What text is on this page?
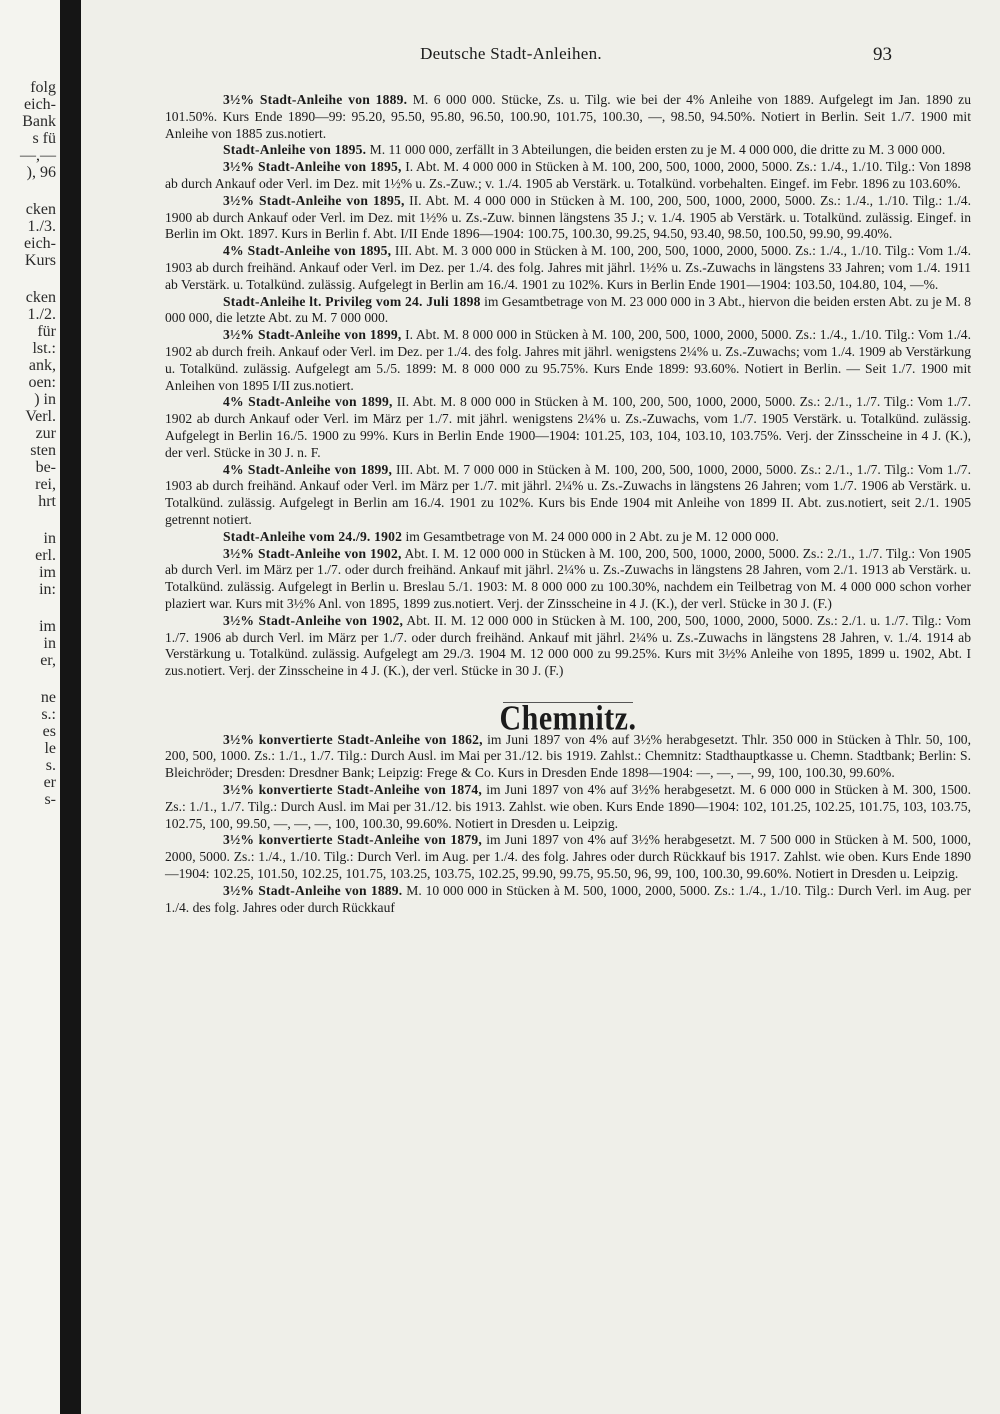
folg
eich-
Bank
s fü
—,—
), 96
cken
1./3.
eich-
Kurs
cken
1./2.
für
lst.:
ank,
oen:
) in
Verl.
zur
sten
be-
rei,
hrt
in
erl.
im
in:
im
in
er,
ne
s.:
es
le
s.
er
s-
Deutsche Stadt-Anleihen.	93

3½% Stadt-Anleihe von 1889. M. 6 000 000. Stücke, Zs. u. Tilg. wie bei der 4% Anleihe von 1889. Aufgelegt im Jan. 1890 zu 101.50%. Kurs Ende 1890—99: 95.20, 95.50, 95.80, 96.50, 100.90, 101.75, 100.30, —, 98.50, 94.50%. Notiert in Berlin. Seit 1./7. 1900 mit Anleihe von 1885 zus.notiert.

Stadt-Anleihe von 1895. M. 11 000 000, zerfällt in 3 Abteilungen, die beiden ersten zu je M. 4 000 000, die dritte zu M. 3 000 000.

3½% Stadt-Anleihe von 1895, I. Abt. M. 4 000 000 in Stücken à M. 100, 200, 500, 1000, 2000, 5000. Zs.: 1./4., 1./10. Tilg.: Von 1898 ab durch Ankauf oder Verl. im Dez. mit 1½% u. Zs.-Zuw.; v. 1./4. 1905 ab Verstärk. u. Totalkünd. vorbehalten. Eingef. im Febr. 1896 zu 103.60%.

3½% Stadt-Anleihe von 1895, II. Abt. M. 4 000 000 in Stücken à M. 100, 200, 500, 1000, 2000, 5000. Zs.: 1./4., 1./10. Tilg.: 1./4. 1900 ab durch Ankauf oder Verl. im Dez. mit 1½% u. Zs.-Zuw. binnen längstens 35 J.; v. 1./4. 1905 ab Verstärk. u. Totalkünd. zulässig. Eingef. in Berlin im Okt. 1897. Kurs in Berlin f. Abt. I/II Ende 1896—1904: 100.75, 100.30, 99.25, 94.50, 93.40, 98.50, 100.50, 99.90, 99.40%.

4% Stadt-Anleihe von 1895, III. Abt. M. 3 000 000 in Stücken à M. 100, 200, 500, 1000, 2000, 5000. Zs.: 1./4., 1./10. Tilg.: Vom 1./4. 1903 ab durch freihänd. Ankauf oder Verl. im Dez. per 1./4. des folg. Jahres mit jährl. 1½% u. Zs.-Zuwachs in längstens 33 Jahren; vom 1./4. 1911 ab Verstärk. u. Totalkünd. zulässig. Aufgelegt in Berlin am 16./4. 1901 zu 102%. Kurs in Berlin Ende 1901—1904: 103.50, 104.80, 104, —%.

Stadt-Anleihe lt. Privileg vom 24. Juli 1898 im Gesamtbetrage von M. 23 000 000 in 3 Abt., hiervon die beiden ersten Abt. zu je M. 8 000 000, die letzte Abt. zu M. 7 000 000.

3½% Stadt-Anleihe von 1899, I. Abt. M. 8 000 000 in Stücken à M. 100, 200, 500, 1000, 2000, 5000. Zs.: 1./4., 1./10. Tilg.: Vom 1./4. 1902 ab durch freih. Ankauf oder Verl. im Dez. per 1./4. des folg. Jahres mit jährl. wenigstens 2¼% u. Zs.-Zuwachs; vom 1./4. 1909 ab Verstärkung u. Totalkünd. zulässig. Aufgelegt am 5./5. 1899: M. 8 000 000 zu 95.75%. Kurs Ende 1899: 93.60%. Notiert in Berlin. — Seit 1./7. 1900 mit Anleihen von 1895 I/II zus.notiert.

4% Stadt-Anleihe von 1899, II. Abt. M. 8 000 000 in Stücken à M. 100, 200, 500, 1000, 2000, 5000. Zs.: 2./1., 1./7. Tilg.: Vom 1./7. 1902 ab durch Ankauf oder Verl. im März per 1./7. mit jährl. wenigstens 2¼% u. Zs.-Zuwachs, vom 1./7. 1905 Verstärk. u. Totalkünd. zulässig. Aufgelegt in Berlin 16./5. 1900 zu 99%. Kurs in Berlin Ende 1900—1904: 101.25, 103, 104, 103.10, 103.75%. Verj. der Zinsscheine in 4 J. (K.), der verl. Stücke in 30 J. n. F.

4% Stadt-Anleihe von 1899, III. Abt. M. 7 000 000 in Stücken à M. 100, 200, 500, 1000, 2000, 5000. Zs.: 2./1., 1./7. Tilg.: Vom 1./7. 1903 ab durch freihänd. Ankauf oder Verl. im März per 1./7. mit jährl. 2¼% u. Zs.-Zuwachs in längstens 26 Jahren; vom 1./7. 1906 ab Verstärk. u. Totalkünd. zulässig. Aufgelegt in Berlin am 16./4. 1901 zu 102%. Kurs bis Ende 1904 mit Anleihe von 1899 II. Abt. zus.notiert, seit 2./1. 1905 getrennt notiert.

Stadt-Anleihe vom 24./9. 1902 im Gesamtbetrage von M. 24 000 000 in 2 Abt. zu je M. 12 000 000.

3½% Stadt-Anleihe von 1902, Abt. I. M. 12 000 000 in Stücken à M. 100, 200, 500, 1000, 2000, 5000. Zs.: 2./1., 1./7. Tilg.: Von 1905 ab durch Verl. im März per 1./7. oder durch freihänd. Ankauf mit jährl. 2¼% u. Zs.-Zuwachs in längstens 28 Jahren, vom 2./1. 1913 ab Verstärk. u. Totalkünd. zulässig. Aufgelegt in Berlin u. Breslau 5./1. 1903: M. 8 000 000 zu 100.30%, nachdem ein Teilbetrag von M. 4 000 000 schon vorher plaziert war. Kurs mit 3½% Anl. von 1895, 1899 zus.notiert. Verj. der Zinsscheine in 4 J. (K.), der verl. Stücke in 30 J. (F.)

3½% Stadt-Anleihe von 1902, Abt. II. M. 12 000 000 in Stücken à M. 100, 200, 500, 1000, 2000, 5000. Zs.: 2./1. u. 1./7. Tilg.: Vom 1./7. 1906 ab durch Verl. im März per 1./7. oder durch freihänd. Ankauf mit jährl. 2¼% u. Zs.-Zuwachs in längstens 28 Jahren, v. 1./4. 1914 ab Verstärkung u. Totalkünd. zulässig. Aufgelegt am 29./3. 1904 M. 12 000 000 zu 99.25%. Kurs mit 3½% Anleihe von 1895, 1899 u. 1902, Abt. I zus.notiert. Verj. der Zinsscheine in 4 J. (K.), der verl. Stücke in 30 J. (F.)

Chemnitz.

3½% konvertierte Stadt-Anleihe von 1862, im Juni 1897 von 4% auf 3½% herabgesetzt. Thlr. 350 000 in Stücken à Thlr. 50, 100, 200, 500, 1000. Zs.: 1./1., 1./7. Tilg.: Durch Ausl. im Mai per 31./12. bis 1919. Zahlst.: Chemnitz: Stadthauptkasse u. Chemn. Stadtbank; Berlin: S. Bleichröder; Dresden: Dresdner Bank; Leipzig: Frege & Co. Kurs in Dresden Ende 1898—1904: —, —, —, 99, 100, 100.30, 99.60%.

3½% konvertierte Stadt-Anleihe von 1874, im Juni 1897 von 4% auf 3½% herabgesetzt. M. 6 000 000 in Stücken à M. 300, 1500. Zs.: 1./1., 1./7. Tilg.: Durch Ausl. im Mai per 31./12. bis 1913. Zahlst. wie oben. Kurs Ende 1890—1904: 102, 101.25, 102.25, 101.75, 103, 103.75, 102.75, 100, 99.50, —, —, —, 100, 100.30, 99.60%. Notiert in Dresden u. Leipzig.

3½% konvertierte Stadt-Anleihe von 1879, im Juni 1897 von 4% auf 3½% herabgesetzt. M. 7 500 000 in Stücken à M. 500, 1000, 2000, 5000. Zs.: 1./4., 1./10. Tilg.: Durch Verl. im Aug. per 1./4. des folg. Jahres oder durch Rückkauf bis 1917. Zahlst. wie oben. Kurs Ende 1890—1904: 102.25, 101.50, 102.25, 101.75, 103.25, 103.75, 102.25, 99.90, 99.75, 95.50, 96, 99, 100, 100.30, 99.60%. Notiert in Dresden u. Leipzig.

3½% Stadt-Anleihe von 1889. M. 10 000 000 in Stücken à M. 500, 1000, 2000, 5000. Zs.: 1./4., 1./10. Tilg.: Durch Verl. im Aug. per 1./4. des folg. Jahres oder durch Rückkauf
